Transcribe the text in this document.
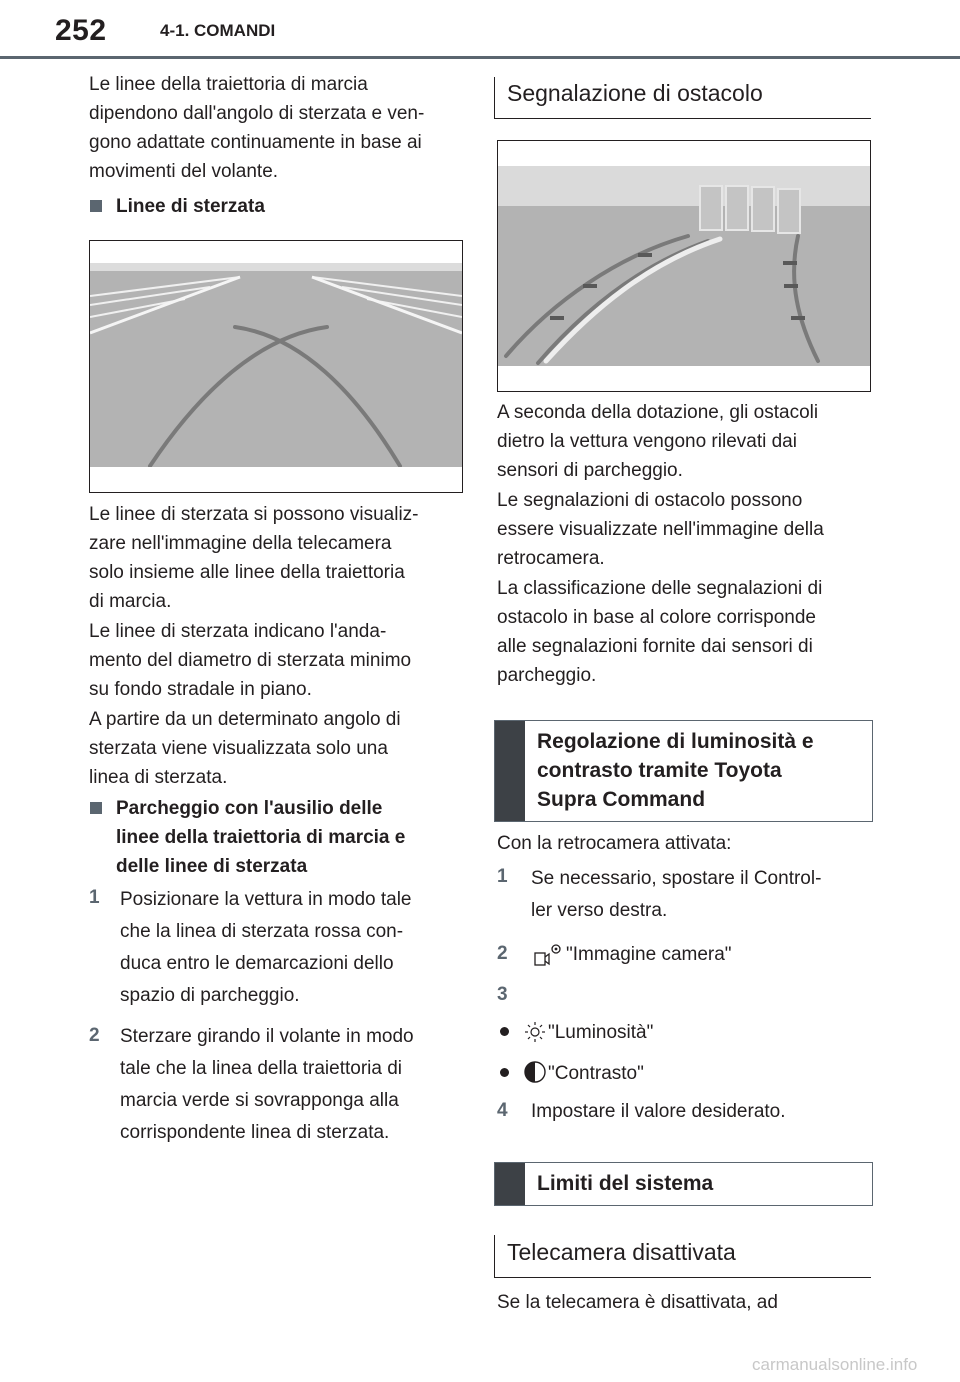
252	4-1. COMANDI
Le linee della traiettoria di marcia
dipendono dall'angolo di sterzata e ven-
gono adattate continuamente in base ai
movimenti del volante.
Linee di sterzata
Le linee di sterzata si possono visualiz-
zare nell'immagine della telecamera
solo insieme alle linee della traiettoria
di marcia.
Le linee di sterzata indicano l'anda-
mento del diametro di sterzata minimo
su fondo stradale in piano.
A partire da un determinato angolo di
sterzata viene visualizzata solo una
linea di sterzata.
Parcheggio con l'ausilio delle
linee della traiettoria di marcia e
delle linee di sterzata
1 Posizionare la vettura in modo tale
che la linea di sterzata rossa con-
duca entro le demarcazioni dello
spazio di parcheggio.
2 Sterzare girando il volante in modo
tale che la linea della traiettoria di
marcia verde si sovrapponga alla
corrispondente linea di sterzata.
Segnalazione di ostacolo
A seconda della dotazione, gli ostacoli
dietro la vettura vengono rilevati dai
sensori di parcheggio.
Le segnalazioni di ostacolo possono
essere visualizzate nell'immagine della
retrocamera.
La classificazione delle segnalazioni di
ostacolo in base al colore corrisponde
alle segnalazioni fornite dai sensori di
parcheggio.
Regolazione di luminosità e
contrasto tramite Toyota
Supra Command
Con la retrocamera attivata:
1 Se necessario, spostare il Control-
ler verso destra.
2	"Immagine camera"
3
"Luminosità"
"Contrasto"
4 Impostare il valore desiderato.
Limiti del sistema
Telecamera disattivata
Se la telecamera è disattivata, ad
carmanualsonline.info
